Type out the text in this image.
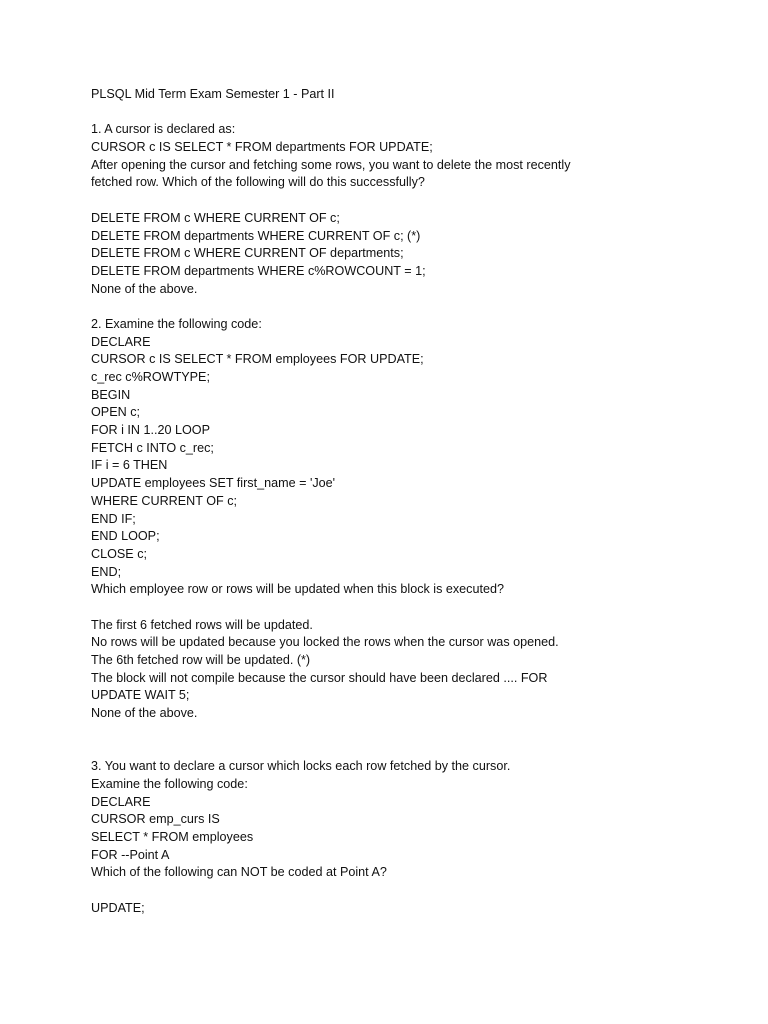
PLSQL Mid Term Exam Semester 1 - Part II
1. A cursor is declared as:
CURSOR c IS SELECT * FROM departments FOR UPDATE;
After opening the cursor and fetching some rows, you want to delete the most recently
fetched row. Which of the following will do this successfully?
DELETE FROM c WHERE CURRENT OF c;
DELETE FROM departments WHERE CURRENT OF c; (*)
DELETE FROM c WHERE CURRENT OF departments;
DELETE FROM departments WHERE c%ROWCOUNT = 1;
None of the above.
2. Examine the following code:
DECLARE
CURSOR c IS SELECT * FROM employees FOR UPDATE;
c_rec c%ROWTYPE;
BEGIN
OPEN c;
FOR i IN 1..20 LOOP
FETCH c INTO c_rec;
IF i = 6 THEN
UPDATE employees SET first_name = 'Joe'
WHERE CURRENT OF c;
END IF;
END LOOP;
CLOSE c;
END;
Which employee row or rows will be updated when this block is executed?
The first 6 fetched rows will be updated.
No rows will be updated because you locked the rows when the cursor was opened.
The 6th fetched row will be updated. (*)
The block will not compile because the cursor should have been declared .... FOR
UPDATE WAIT 5;
None of the above.
3. You want to declare a cursor which locks each row fetched by the cursor.
Examine the following code:
DECLARE
CURSOR emp_curs IS
SELECT * FROM employees
FOR --Point A
Which of the following can NOT be coded at Point A?
UPDATE;
